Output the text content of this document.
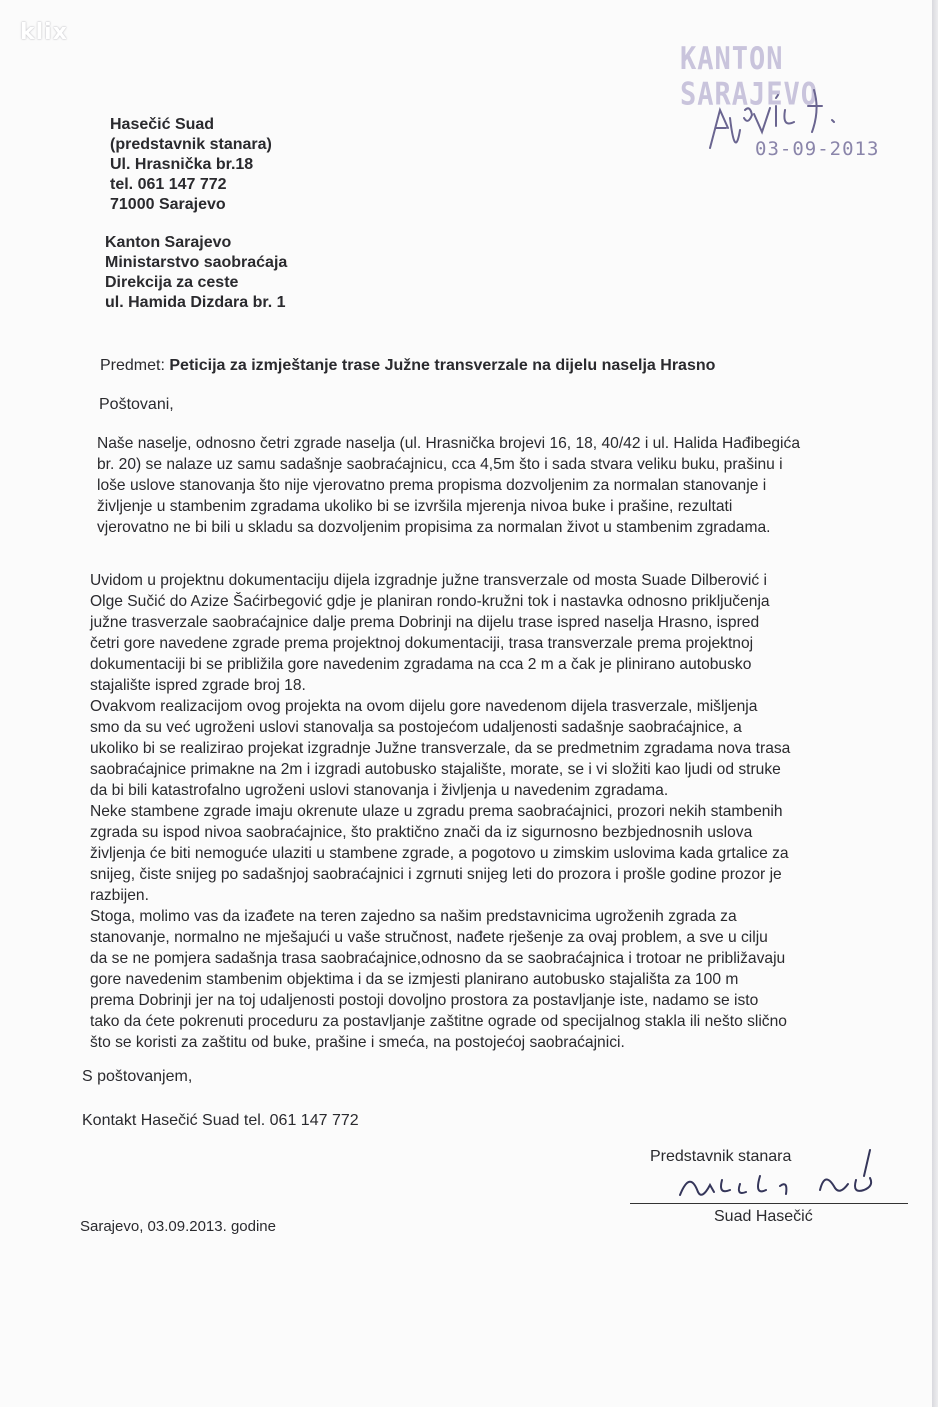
klix
KANTON SARAJEVO
03-09-2013
Hasečić Suad
(predstavnik stanara)
Ul. Hrasnička br.18
tel. 061 147 772
71000 Sarajevo
Kanton Sarajevo
Ministarstvo saobraćaja
Direkcija za ceste
ul. Hamida Dizdara br. 1
Predmet: Peticija za izmještanje trase Južne transverzale na dijelu naselja Hrasno
Poštovani,
Naše naselje, odnosno četri zgrade naselja (ul. Hrasnička brojevi 16, 18, 40/42 i ul. Halida Hađibegića
br. 20) se nalaze uz samu sadašnje saobraćajnicu, cca 4,5m što i sada stvara veliku buku, prašinu i
loše uslove stanovanja što nije vjerovatno prema propisma dozvoljenim za normalan stanovanje i
življenje u stambenim zgradama ukoliko bi se izvršila mjerenja nivoa buke i prašine, rezultati
vjerovatno ne bi bili u skladu sa dozvoljenim propisima za normalan život u stambenim zgradama.
Uvidom u projektnu dokumentaciju dijela izgradnje južne transverzale od mosta Suade Dilberović i
Olge Sučić do Azize Šaćirbegović gdje je planiran rondo-kružni tok i nastavka odnosno priključenja
južne trasverzale saobraćajnice dalje prema Dobrinji na dijelu trase ispred naselja Hrasno, ispred
četri gore navedene zgrade prema projektnoj dokumentaciji, trasa transverzale prema projektnoj
dokumentaciji bi se približila gore navedenim zgradama na cca 2 m a čak je plinirano autobusko
stajalište ispred zgrade broj 18.
Ovakvom realizacijom ovog projekta na ovom dijelu gore navedenom dijela trasverzale, mišljenja
smo da su već ugroženi uslovi stanovalja sa postojećom udaljenosti sadašnje saobraćajnice, a
ukoliko bi se realizirao projekat izgradnje Južne transverzale, da se predmetnim zgradama nova trasa
saobraćajnice primakne na 2m i izgradi autobusko stajalište, morate, se i vi složiti kao ljudi od struke
da bi bili katastrofalno ugroženi uslovi stanovanja i življenja u navedenim zgradama.
Neke stambene zgrade imaju okrenute ulaze u zgradu prema saobraćajnici, prozori nekih stambenih
zgrada su ispod nivoa saobraćajnice, što praktično znači da iz sigurnosno bezbjednosnih uslova
življenja će biti nemoguće ulaziti u stambene zgrade, a pogotovo u zimskim uslovima kada grtalice za
snijeg, čiste snijeg po sadašnjoj saobraćajnici i zgrnuti snijeg leti do prozora i prošle godine prozor je
razbijen.
Stoga, molimo vas da izađete na teren zajedno sa našim predstavnicima ugroženih zgrada za
stanovanje, normalno ne mješajući u vaše stručnost, nađete rješenje za ovaj problem, a sve u cilju
da se ne pomjera sadašnja trasa saobraćajnice,odnosno da se saobraćajnica i trotoar ne približavaju
gore navedenim stambenim objektima i da se izmjesti planirano autobusko stajališta za 100 m
prema Dobrinji jer na toj udaljenosti postoji dovoljno prostora za postavljanje iste, nadamo se isto
tako da ćete pokrenuti proceduru za postavljanje zaštitne ograde od specijalnog stakla ili nešto slično
što se koristi za zaštitu od buke, prašine i smeća, na postojećoj saobraćajnici.
S poštovanjem,
Kontakt Hasečić Suad tel. 061 147 772
Predstavnik stanara
Suad Hasečić
Sarajevo, 03.09.2013. godine
